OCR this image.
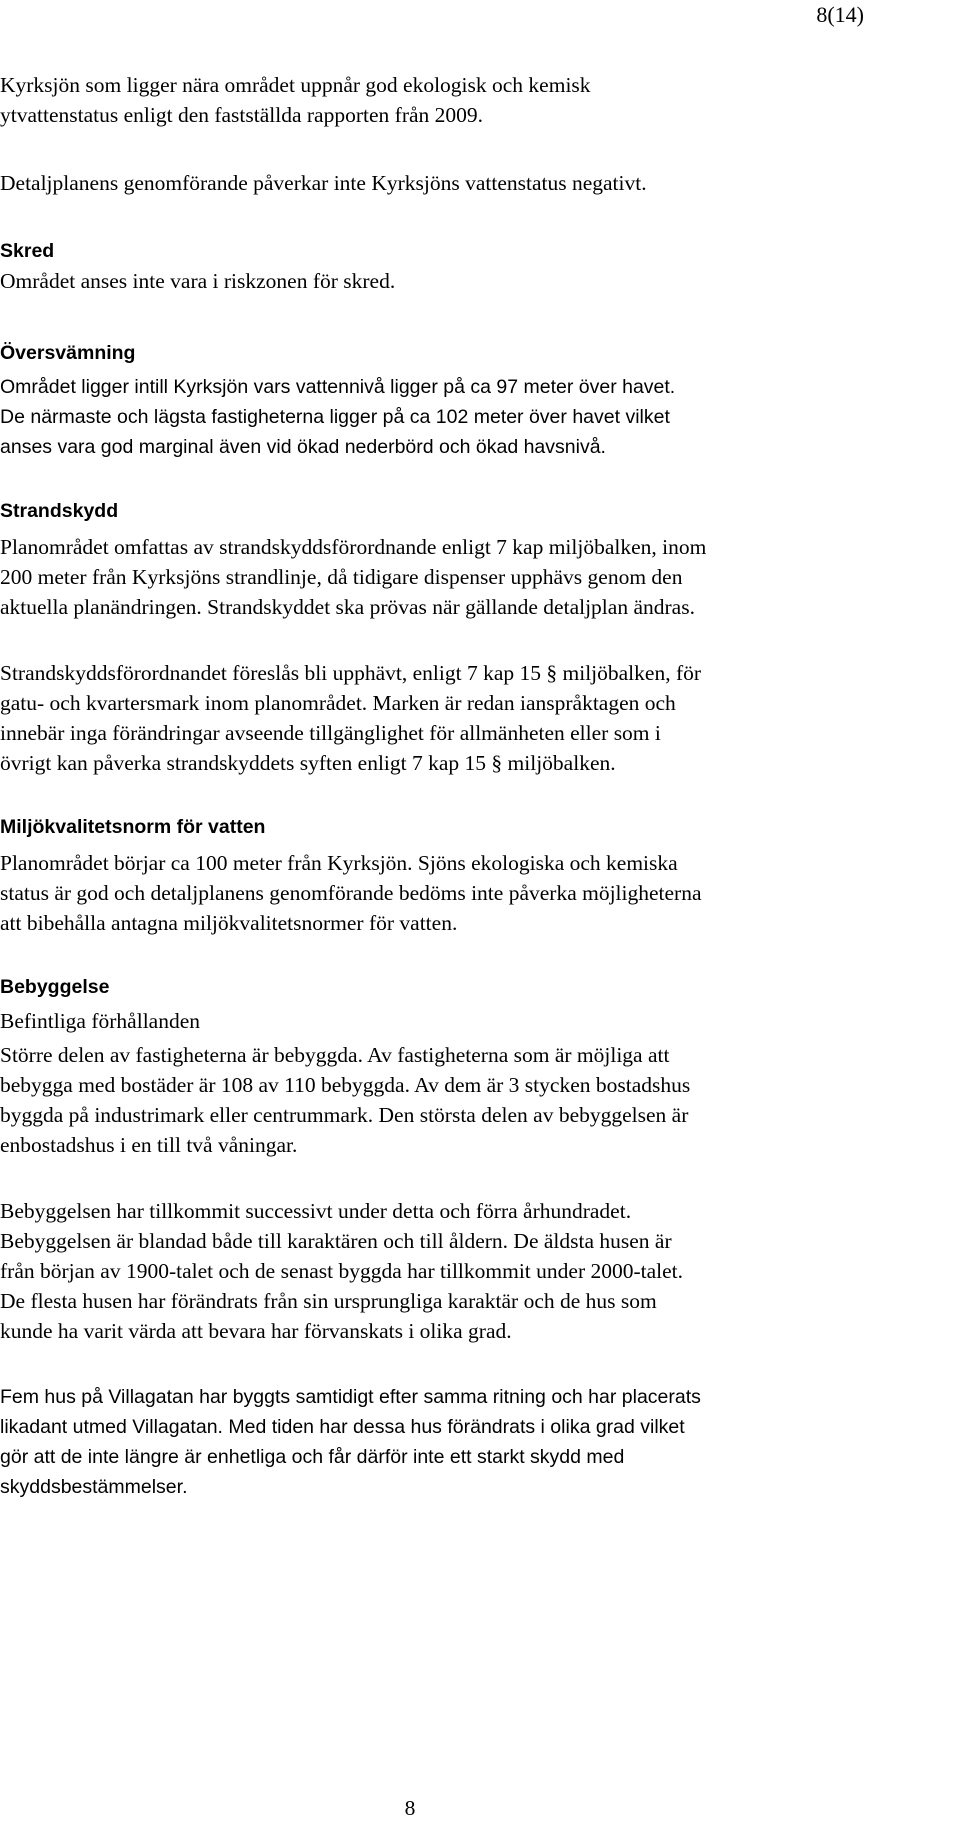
8(14)

Kyrksjön som ligger nära området uppnår god ekologisk och kemisk

ytvattenstatus enligt den fastställda rapporten från 2009.

Detaljplanens genomförande påverkar inte Kyrksjöns vattenstatus negativt.

Skred

Området anses inte vara i riskzonen för skred.

Översvämning

Området ligger intill Kyrksjön vars vattennivå ligger på ca 97 meter över havet.

De närmaste och lägsta fastigheterna ligger på ca 102 meter över havet vilket

anses vara god marginal även vid ökad nederbörd och ökad havsnivå.

Strandskydd

Planområdet omfattas av strandskyddsförordnande enligt 7 kap miljöbalken, inom

200 meter från Kyrksjöns strandlinje, då tidigare dispenser upphävs genom den

aktuella planändringen. Strandskyddet ska prövas när gällande detaljplan ändras.

Strandskyddsförordnandet föreslås bli upphävt, enligt 7 kap 15 § miljöbalken, för

gatu- och kvartersmark inom planområdet. Marken är redan ianspråktagen och

innebär inga förändringar avseende tillgänglighet för allmänheten eller som i

övrigt kan påverka strandskyddets syften enligt 7 kap 15 § miljöbalken.

Miljökvalitetsnorm för vatten

Planområdet börjar ca 100 meter från Kyrksjön. Sjöns ekologiska och kemiska

status är god och detaljplanens genomförande bedöms inte påverka möjligheterna

att bibehålla antagna miljökvalitetsnormer för vatten.

Bebyggelse

Befintliga förhållanden

Större delen av fastigheterna är bebyggda. Av fastigheterna som är möjliga att

bebygga med bostäder är 108 av 110 bebyggda. Av dem är 3 stycken bostadshus

byggda på industrimark eller centrummark. Den största delen av bebyggelsen är

enbostadshus i en till två våningar.

Bebyggelsen har tillkommit successivt under detta och förra århundradet.

Bebyggelsen är blandad både till karaktären och till åldern. De äldsta husen är

från början av 1900-talet och de senast byggda har tillkommit under 2000-talet.

De flesta husen har förändrats från sin ursprungliga karaktär och de hus som

kunde ha varit värda att bevara har förvanskats i olika grad.

Fem hus på Villagatan har byggts samtidigt efter samma ritning och har placerats

likadant utmed Villagatan. Med tiden har dessa hus förändrats i olika grad vilket

gör att de inte längre är enhetliga och får därför inte ett starkt skydd med

skyddsbestämmelser.

8
